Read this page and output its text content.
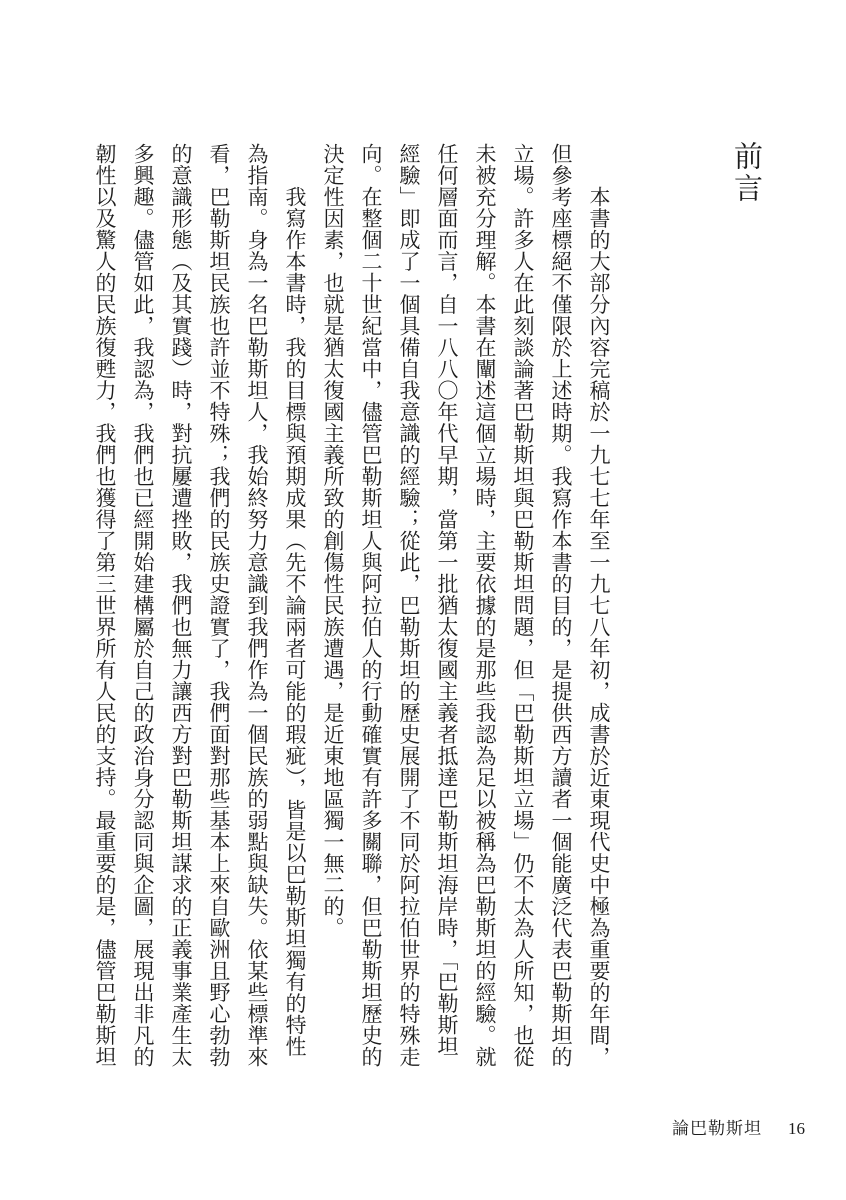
前言

本書的大部分內容完稿於一九七七年至一九七八年初，成書於近東現代史中極為重要的年間，但參考座標絕不僅限於上述時期。我寫作本書的目的，是提供西方讀者一個能廣泛代表巴勒斯坦的立場。許多人在此刻談論著巴勒斯坦與巴勒斯坦問題，但「巴勒斯坦立場」仍不太為人所知，也從未被充分理解。本書在闡述這個立場時，主要依據的是那些我認為足以被稱為巴勒斯坦的經驗。就任何層面而言，自一八八〇年代早期，當第一批猶太復國主義者抵達巴勒斯坦海岸時，「巴勒斯坦經驗」即成了一個具備自我意識的經驗；從此，巴勒斯坦的歷史展開了不同於阿拉伯世界的特殊走向。在整個二十世紀當中，儘管巴勒斯坦人與阿拉伯人的行動確實有許多關聯，但巴勒斯坦歷史的決定性因素，也就是猶太復國主義所致的創傷性民族遭遇，是近東地區獨一無二的。

我寫作本書時，我的目標與預期成果（先不論兩者可能的瑕疵），皆是以巴勒斯坦獨有的特性為指南。身為一名巴勒斯坦人，我始終努力意識到我們作為一個民族的弱點與缺失。依某些標準來看，巴勒斯坦民族也許並不特殊；我們的民族史證實了，我們面對那些基本上來自歐洲且野心勃勃的意識形態（及其實踐）時，對抗屢遭挫敗，我們也無力讓西方對巴勒斯坦謀求的正義事業產生太多興趣。儘管如此，我認為，我們也已經開始建構屬於自己的政治身分認同與企圖，展現出非凡的韌性以及驚人的民族復甦力，我們也獲得了第三世界所有人民的支持。最重要的是，儘管巴勒斯坦

論巴勒斯坦 16
